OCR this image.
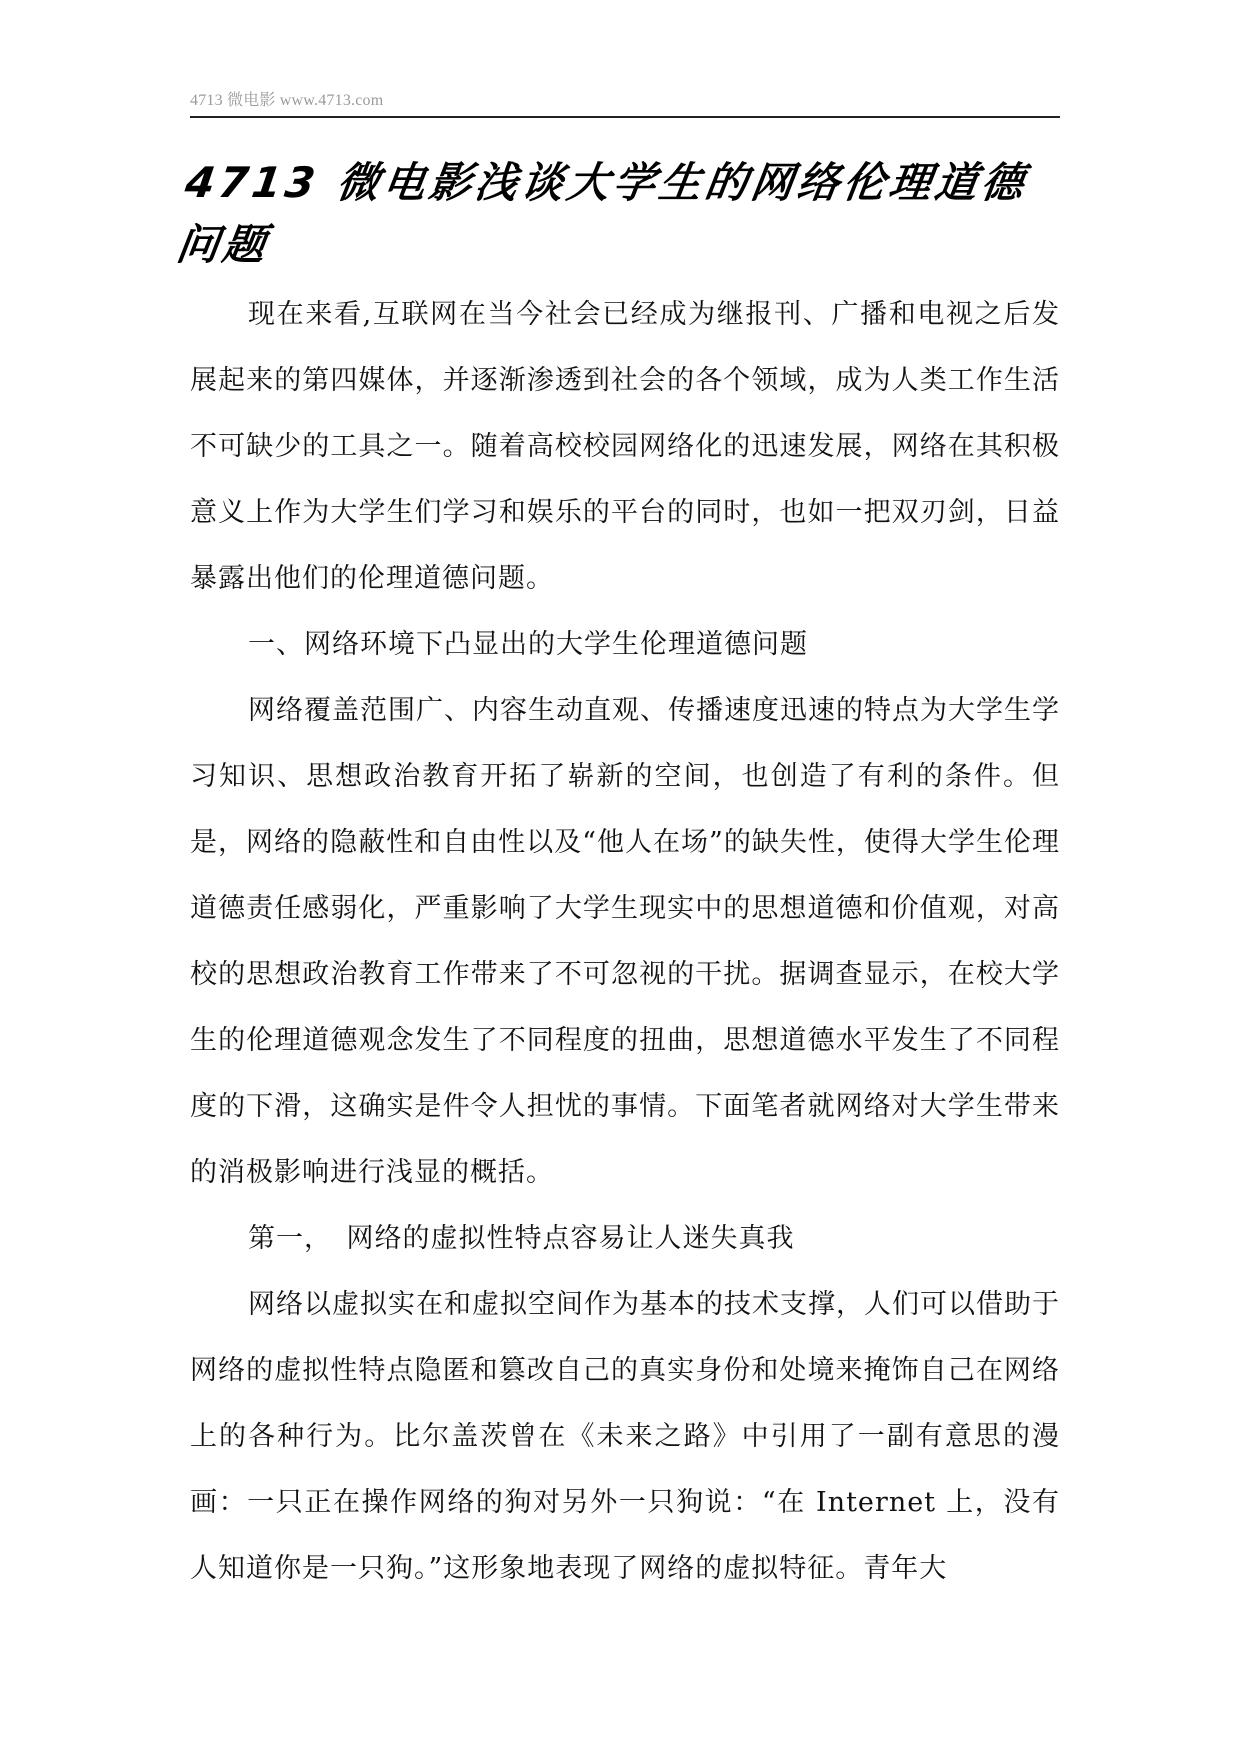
4713 微电影 www.4713.com
4713 微电影浅谈大学生的网络伦理道德问题

现在来看,互联网在当今社会已经成为继报刊、广播和电视之后发展起来的第四媒体，并逐渐渗透到社会的各个领域，成为人类工作生活不可缺少的工具之一。随着高校校园网络化的迅速发展，网络在其积极意义上作为大学生们学习和娱乐的平台的同时，也如一把双刃剑，日益暴露出他们的伦理道德问题。

一、网络环境下凸显出的大学生伦理道德问题

网络覆盖范围广、内容生动直观、传播速度迅速的特点为大学生学习知识、思想政治教育开拓了崭新的空间，也创造了有利的条件。但是，网络的隐蔽性和自由性以及“他人在场”的缺失性，使得大学生伦理道德责任感弱化，严重影响了大学生现实中的思想道德和价值观，对高校的思想政治教育工作带来了不可忽视的干扰。据调查显示，在校大学生的伦理道德观念发生了不同程度的扭曲，思想道德水平发生了不同程度的下滑，这确实是件令人担忧的事情。下面笔者就网络对大学生带来的消极影响进行浅显的概括。

第一，　网络的虚拟性特点容易让人迷失真我

网络以虚拟实在和虚拟空间作为基本的技术支撑，人们可以借助于网络的虚拟性特点隐匿和篡改自己的真实身份和处境来掩饰自己在网络上的各种行为。比尔盖茨曾在《未来之路》中引用了一副有意思的漫画：一只正在操作网络的狗对另外一只狗说：“在 Internet 上，没有人知道你是一只狗。”这形象地表现了网络的虚拟特征。青年大
